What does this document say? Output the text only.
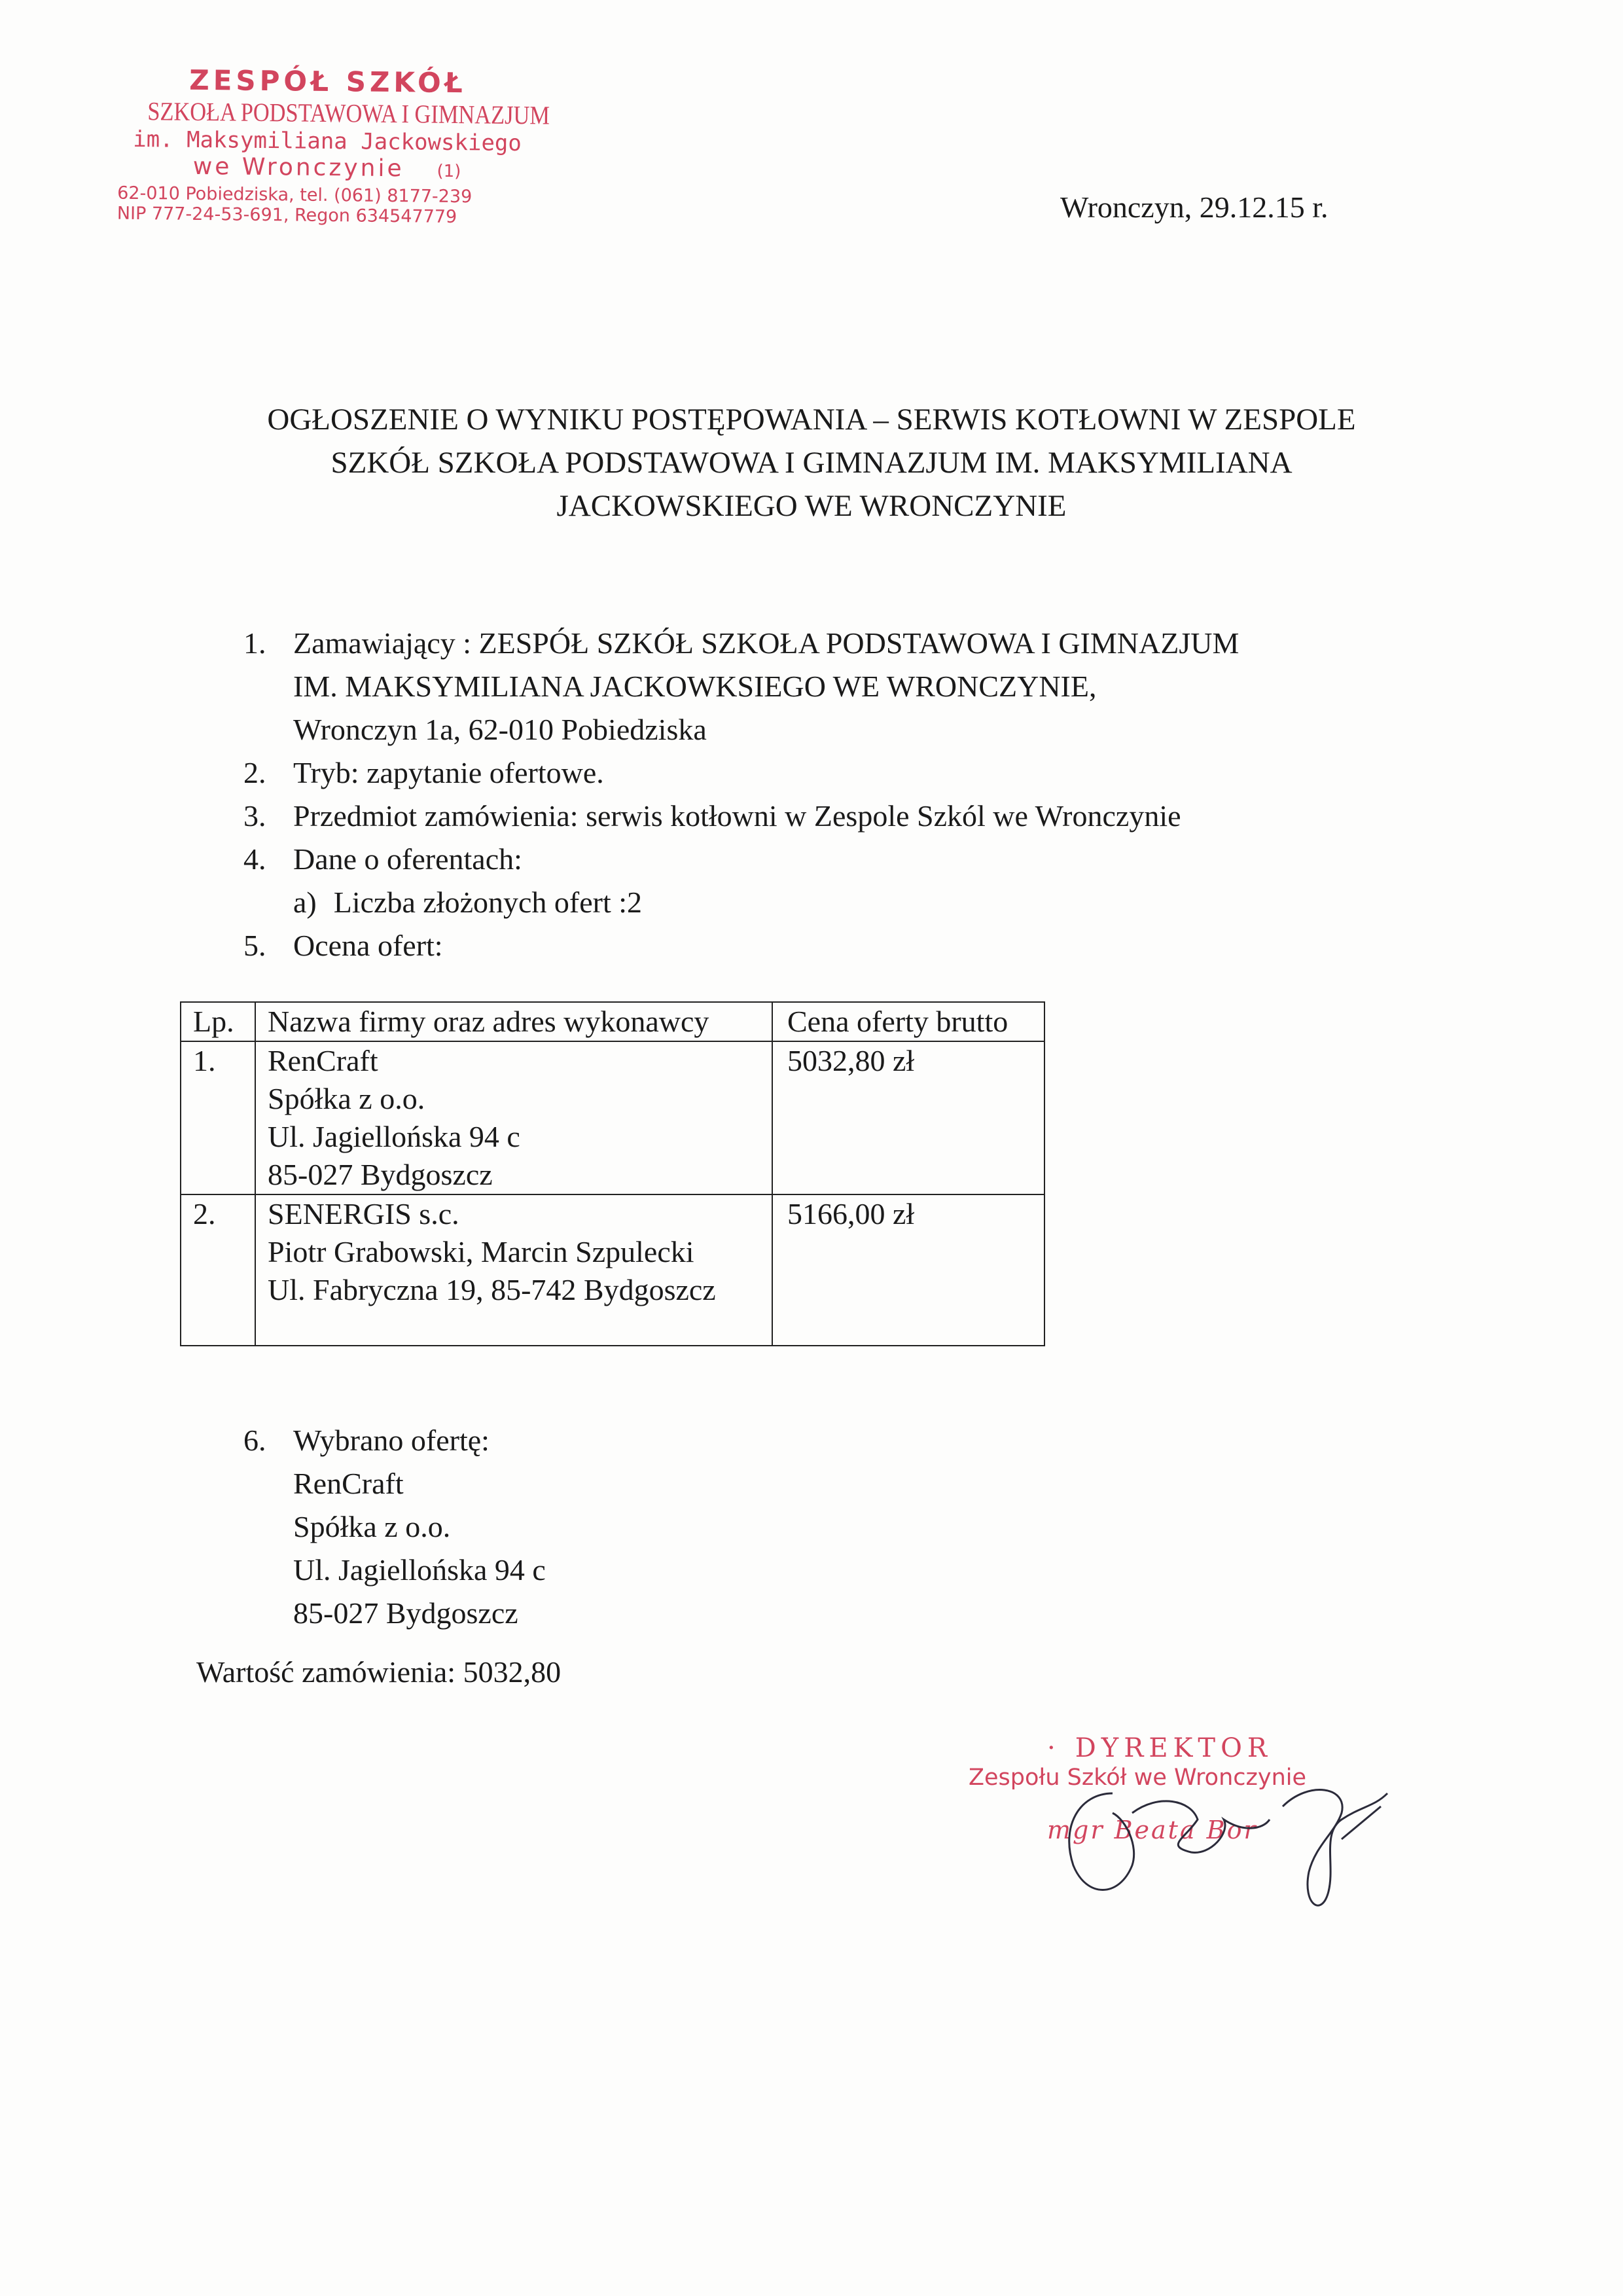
ZESPÓŁ SZKÓŁ
SZKOŁA PODSTAWOWA I GIMNAZJUM
im. Maksymiliana Jackowskiego
we Wronczynie (1)
62-010 Pobiedziska, tel. (061) 8177-239
NIP 777-24-53-691, Regon 634547779	Wronczyn, 29.12.15 r.
OGŁOSZENIE O WYNIKU POSTĘPOWANIA – SERWIS KOTŁOWNI W ZESPOLE
SZKÓŁ SZKOŁA PODSTAWOWA I GIMNAZJUM IM. MAKSYMILIANA
JACKOWSKIEGO WE WRONCZYNIE
1. Zamawiający : ZESPÓŁ SZKÓŁ SZKOŁA PODSTAWOWA I GIMNAZJUM
IM. MAKSYMILIANA JACKOWKSIEGO WE WRONCZYNIE,
Wronczyn 1a, 62-010 Pobiedziska
2. Tryb: zapytanie ofertowe.
3. Przedmiot zamówienia: serwis kotłowni w Zespole Szkól we Wronczynie
4. Dane o oferentach:
a) Liczba złożonych ofert :2
5. Ocena ofert:
Lp.	Nazwa firmy oraz adres wykonawcy	Cena oferty brutto
1.	RenCraft
Spółka z o.o.
Ul. Jagiellońska 94 c
85-027 Bydgoszcz	5032,80 zł
2.	SENERGIS s.c.
Piotr Grabowski, Marcin Szpulecki
Ul. Fabryczna 19, 85-742 Bydgoszcz	5166,00 zł
6. Wybrano ofertę:
RenCraft
Spółka z o.o.
Ul. Jagiellońska 94 c
85-027 Bydgoszcz
Wartość zamówienia: 5032,80
· DYREKTOR
Zespołu Szkół we Wronczynie
mgr Beata Bor
